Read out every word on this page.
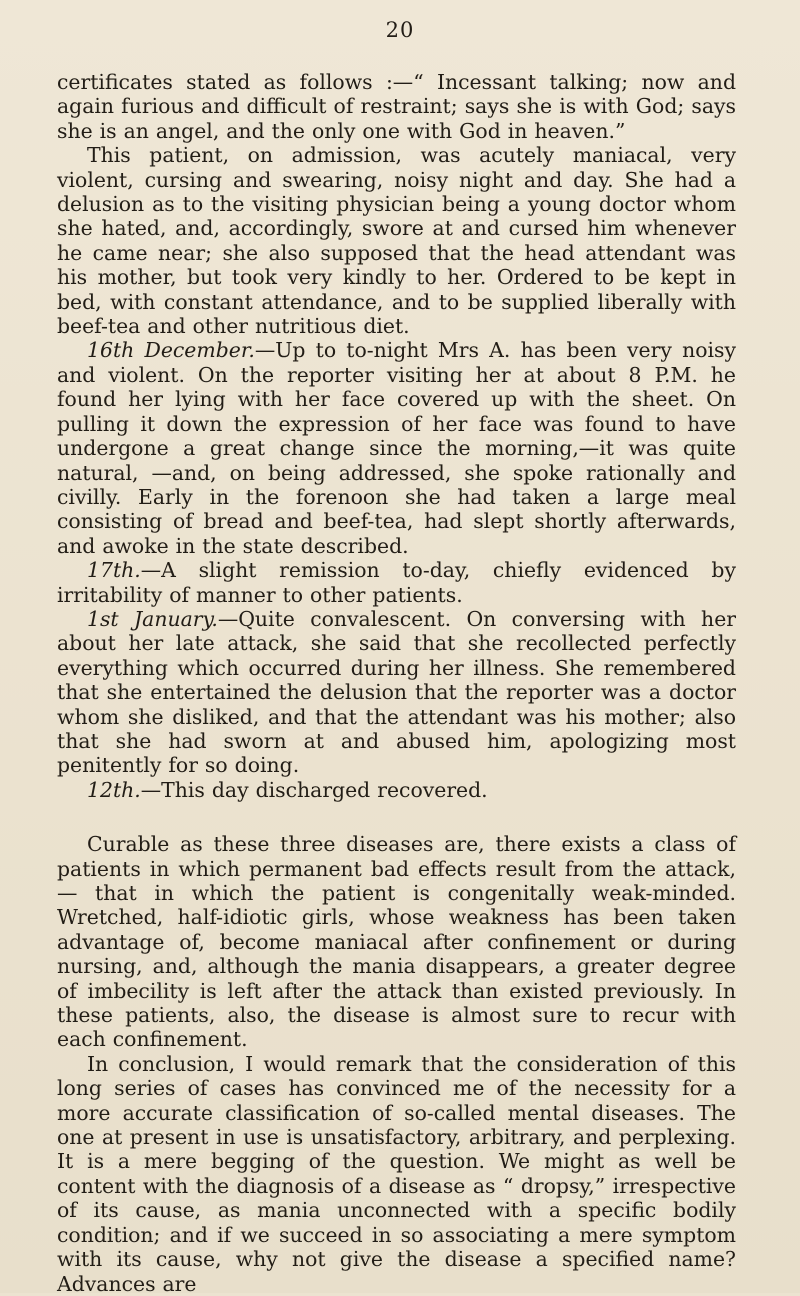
20

certificates stated as follows :—“ Incessant talking; now and again furious and difficult of restraint; says she is with God; says she is an angel, and the only one with God in heaven.”

This patient, on admission, was acutely maniacal, very violent, cursing and swearing, noisy night and day. She had a delusion as to the visiting physician being a young doctor whom she hated, and, accordingly, swore at and cursed him whenever he came near; she also supposed that the head attendant was his mother, but took very kindly to her. Ordered to be kept in bed, with constant attendance, and to be supplied liberally with beef-tea and other nutritious diet.

16th December.—Up to to-night Mrs A. has been very noisy and violent. On the reporter visiting her at about 8 P.M. he found her lying with her face covered up with the sheet. On pulling it down the expression of her face was found to have undergone a great change since the morning,—it was quite natural, —and, on being addressed, she spoke rationally and civilly. Early in the forenoon she had taken a large meal consisting of bread and beef-tea, had slept shortly afterwards, and awoke in the state described.

17th.—A slight remission to-day, chiefly evidenced by irritability of manner to other patients.

1st January.—Quite convalescent. On conversing with her about her late attack, she said that she recollected perfectly everything which occurred during her illness. She remembered that she entertained the delusion that the reporter was a doctor whom she disliked, and that the attendant was his mother; also that she had sworn at and abused him, apologizing most penitently for so doing.

12th.—This day discharged recovered.

Curable as these three diseases are, there exists a class of patients in which permanent bad effects result from the attack,— that in which the patient is congenitally weak-minded. Wretched, half-idiotic girls, whose weakness has been taken advantage of, become maniacal after confinement or during nursing, and, although the mania disappears, a greater degree of imbecility is left after the attack than existed previously. In these patients, also, the disease is almost sure to recur with each confinement.

In conclusion, I would remark that the consideration of this long series of cases has convinced me of the necessity for a more accurate classification of so-called mental diseases. The one at present in use is unsatisfactory, arbitrary, and perplexing. It is a mere begging of the question. We might as well be content with the diagnosis of a disease as “ dropsy,” irrespective of its cause, as mania unconnected with a specific bodily condition; and if we succeed in so associating a mere symptom with its cause, why not give the disease a specified name? Advances are
